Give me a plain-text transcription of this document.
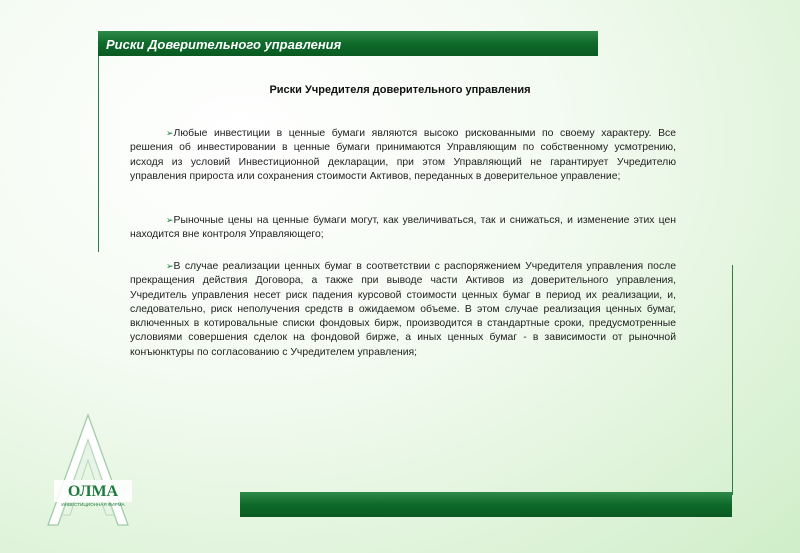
Риски Доверительного управления
Риски Учредителя доверительного управления
➢Любые инвестиции в ценные бумаги являются высоко рискованными по своему характеру. Все решения об инвестировании в ценные бумаги принимаются Управляющим по собственному усмотрению, исходя из условий Инвестиционной декларации, при этом Управляющий не гарантирует Учредителю управления прироста или сохранения стоимости Активов, переданных в доверительное управление;
➢Рыночные цены на ценные бумаги могут, как увеличиваться, так и снижаться, и изменение этих цен находится вне контроля Управляющего;
➢В случае реализации ценных бумаг в соответствии с распоряжением Учредителя управления после прекращения действия Договора, а также при выводе части Активов из доверительного управления, Учредитель управления несет риск падения курсовой стоимости ценных бумаг в период их реализации, и, следовательно, риск неполучения средств в ожидаемом объеме. В этом случае реализация ценных бумаг, включенных в котировальные списки фондовых бирж, производится в стандартные сроки, предусмотренные условиями совершения сделок на фондовой бирже, а иных ценных бумаг - в зависимости от рыночной конъюнктуры по согласованию с Учредителем управления;
ОЛМА
ИНВЕСТИЦИОННАЯ ФИРМА
